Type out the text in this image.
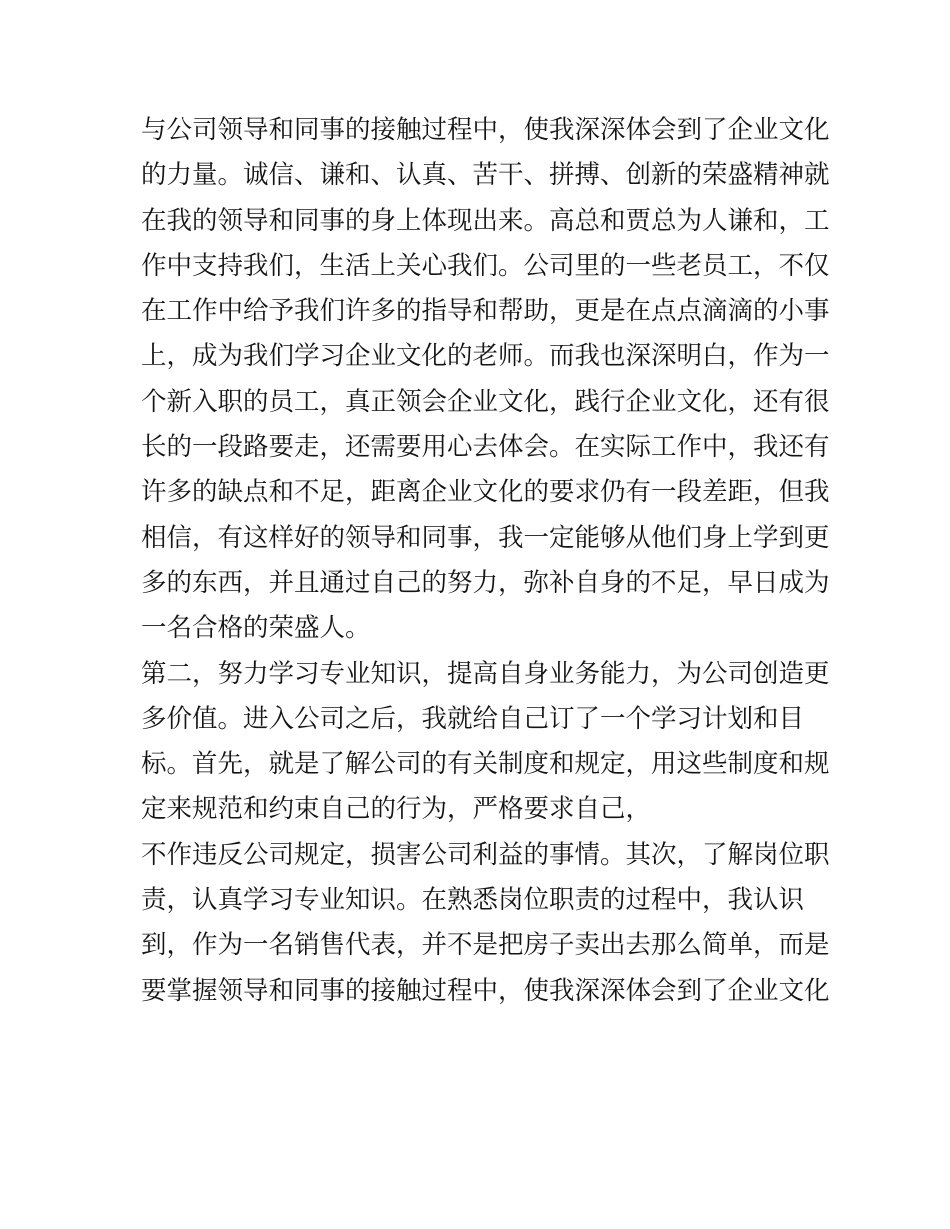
与公司领导和同事的接触过程中，使我深深体会到了企业文化
的力量。诚信、谦和、认真、苦干、拼搏、创新的荣盛精神就
在我的领导和同事的身上体现出来。高总和贾总为人谦和，工
作中支持我们，生活上关心我们。公司里的一些老员工，不仅
在工作中给予我们许多的指导和帮助，更是在点点滴滴的小事
上，成为我们学习企业文化的老师。而我也深深明白，作为一
个新入职的员工，真正领会企业文化，践行企业文化，还有很
长的一段路要走，还需要用心去体会。在实际工作中，我还有
许多的缺点和不足，距离企业文化的要求仍有一段差距，但我
相信，有这样好的领导和同事，我一定能够从他们身上学到更
多的东西，并且通过自己的努力，弥补自身的不足，早日成为
一名合格的荣盛人。
第二，努力学习专业知识，提高自身业务能力，为公司创造更
多价值。进入公司之后，我就给自己订了一个学习计划和目
标。首先，就是了解公司的有关制度和规定，用这些制度和规
定来规范和约束自己的行为，严格要求自己，
不作违反公司规定，损害公司利益的事情。其次，了解岗位职
责，认真学习专业知识。在熟悉岗位职责的过程中，我认识
到，作为一名销售代表，并不是把房子卖出去那么简单，而是
要掌握领导和同事的接触过程中，使我深深体会到了企业文化
